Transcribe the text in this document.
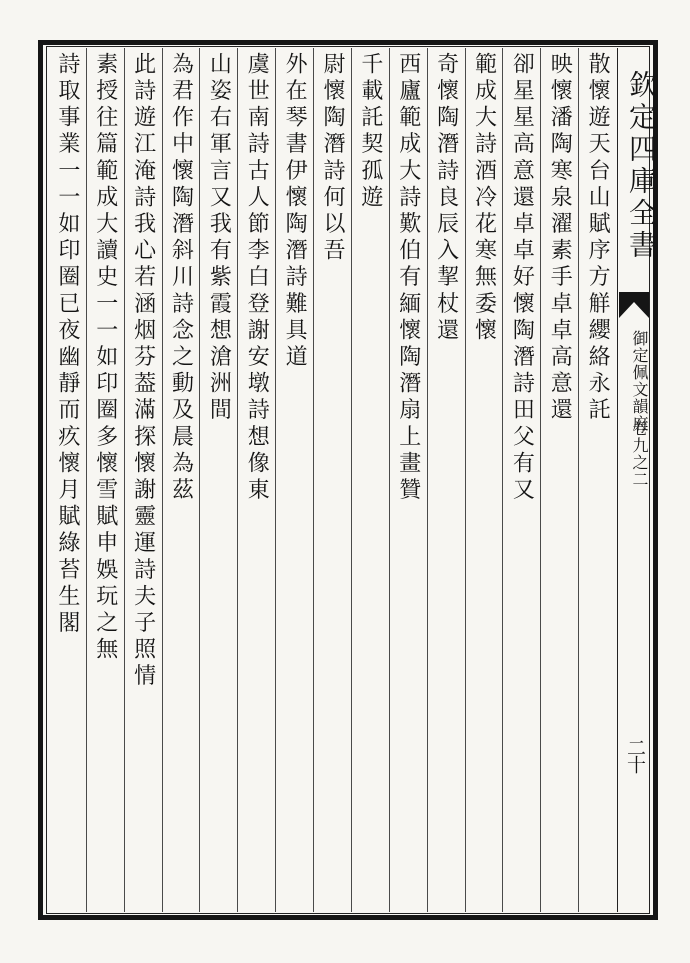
欽定四庫全書
御定佩文韻府
卷九之二
二十
散懷遊天台山賦序方觧纓絡永託
映懷潘陶寒泉濯素手卓卓高意還
卻星星高意還卓卓好懷陶潛詩田父有又
範成大詩酒冷花寒無委懷
奇懷陶潛詩良辰入挈杖還
西廬範成大詩歎伯有緬懷陶潛扇上畫贊
千載託契孤遊
尉懷陶潛詩何以吾
外在琴書伊懷陶潛詩難具道
虞世南詩古人節李白登謝安墩詩想像東
山姿右軍言又我有紫霞想滄洲間
為君作中懷陶潛斜川詩念之動及晨為茲
此詩遊江淹詩我心若涵烟芬葢滿探懷謝靈運詩夫子照情
素授往篇範成大讀史一一如印圈多懷雪賦申娛玩之無
詩取事業一一如印圈已夜幽靜而疚懷月賦綠苔生閣
